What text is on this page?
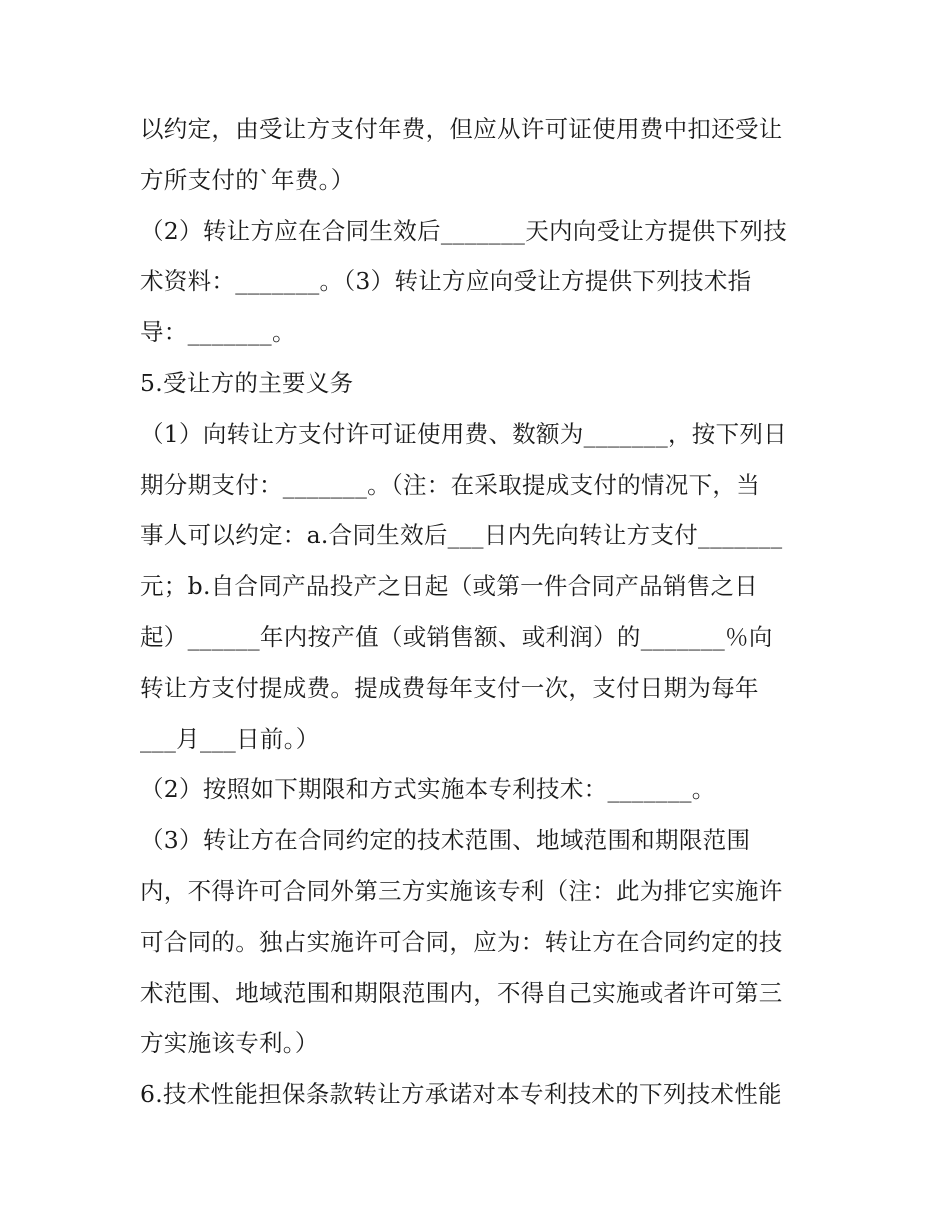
以约定，由受让方支付年费，但应从许可证使用费中扣还受让
方所支付的`年费。）
（2）转让方应在合同生效后_______天内向受让方提供下列技
术资料：_______。（3）转让方应向受让方提供下列技术指
导：_______。
5.受让方的主要义务
（1）向转让方支付许可证使用费、数额为_______，按下列日
期分期支付：_______。（注：在采取提成支付的情况下，当
事人可以约定：a.合同生效后___日内先向转让方支付_______
元；b.自合同产品投产之日起（或第一件合同产品销售之日
起）______年内按产值（或销售额、或利润）的_______％向
转让方支付提成费。提成费每年支付一次，支付日期为每年
___月___日前。）
（2）按照如下期限和方式实施本专利技术：_______。
（3）转让方在合同约定的技术范围、地域范围和期限范围
内，不得许可合同外第三方实施该专利（注：此为排它实施许
可合同的。独占实施许可合同，应为：转让方在合同约定的技
术范围、地域范围和期限范围内，不得自己实施或者许可第三
方实施该专利。）
6.技术性能担保条款转让方承诺对本专利技术的下列技术性能
